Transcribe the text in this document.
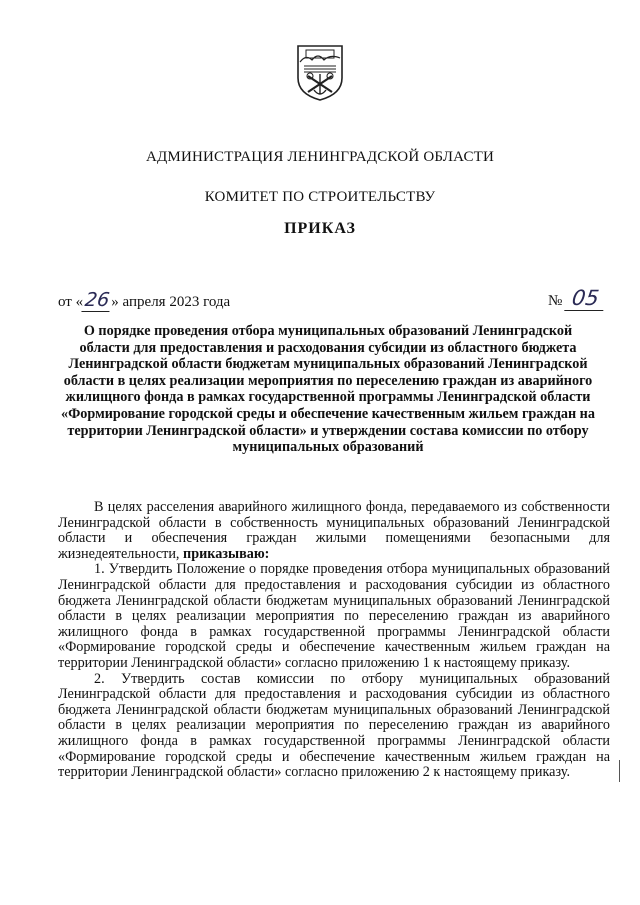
АДМИНИСТРАЦИЯ ЛЕНИНГРАДСКОЙ ОБЛАСТИ
КОМИТЕТ ПО СТРОИТЕЛЬСТВУ
ПРИКАЗ
от «26» апреля 2023 года	№ 05
О порядке проведения отбора муниципальных образований Ленинградской области для предоставления и расходования субсидии из областного бюджета Ленинградской области бюджетам муниципальных образований Ленинградской области в целях реализации мероприятия по переселению граждан из аварийного жилищного фонда в рамках государственной программы Ленинградской области «Формирование городской среды и обеспечение качественным жильем граждан на территории Ленинградской области» и утверждении состава комиссии по отбору муниципальных образований

В целях расселения аварийного жилищного фонда, передаваемого из собственности Ленинградской области в собственность муниципальных образований Ленинградской области и обеспечения граждан жилыми помещениями безопасными для жизнедеятельности, приказываю:

1. Утвердить Положение о порядке проведения отбора муниципальных образований Ленинградской области для предоставления и расходования субсидии из областного бюджета Ленинградской области бюджетам муниципальных образований Ленинградской области в целях реализации мероприятия по переселению граждан из аварийного жилищного фонда в рамках государственной программы Ленинградской области «Формирование городской среды и обеспечение качественным жильем граждан на территории Ленинградской области» согласно приложению 1 к настоящему приказу.

2. Утвердить состав комиссии по отбору муниципальных образований Ленинградской области для предоставления и расходования субсидии из областного бюджета Ленинградской области бюджетам муниципальных образований Ленинградской области в целях реализации мероприятия по переселению граждан из аварийного жилищного фонда в рамках государственной программы Ленинградской области «Формирование городской среды и обеспечение качественным жильем граждан на территории Ленинградской области» согласно приложению 2 к настоящему приказу.
